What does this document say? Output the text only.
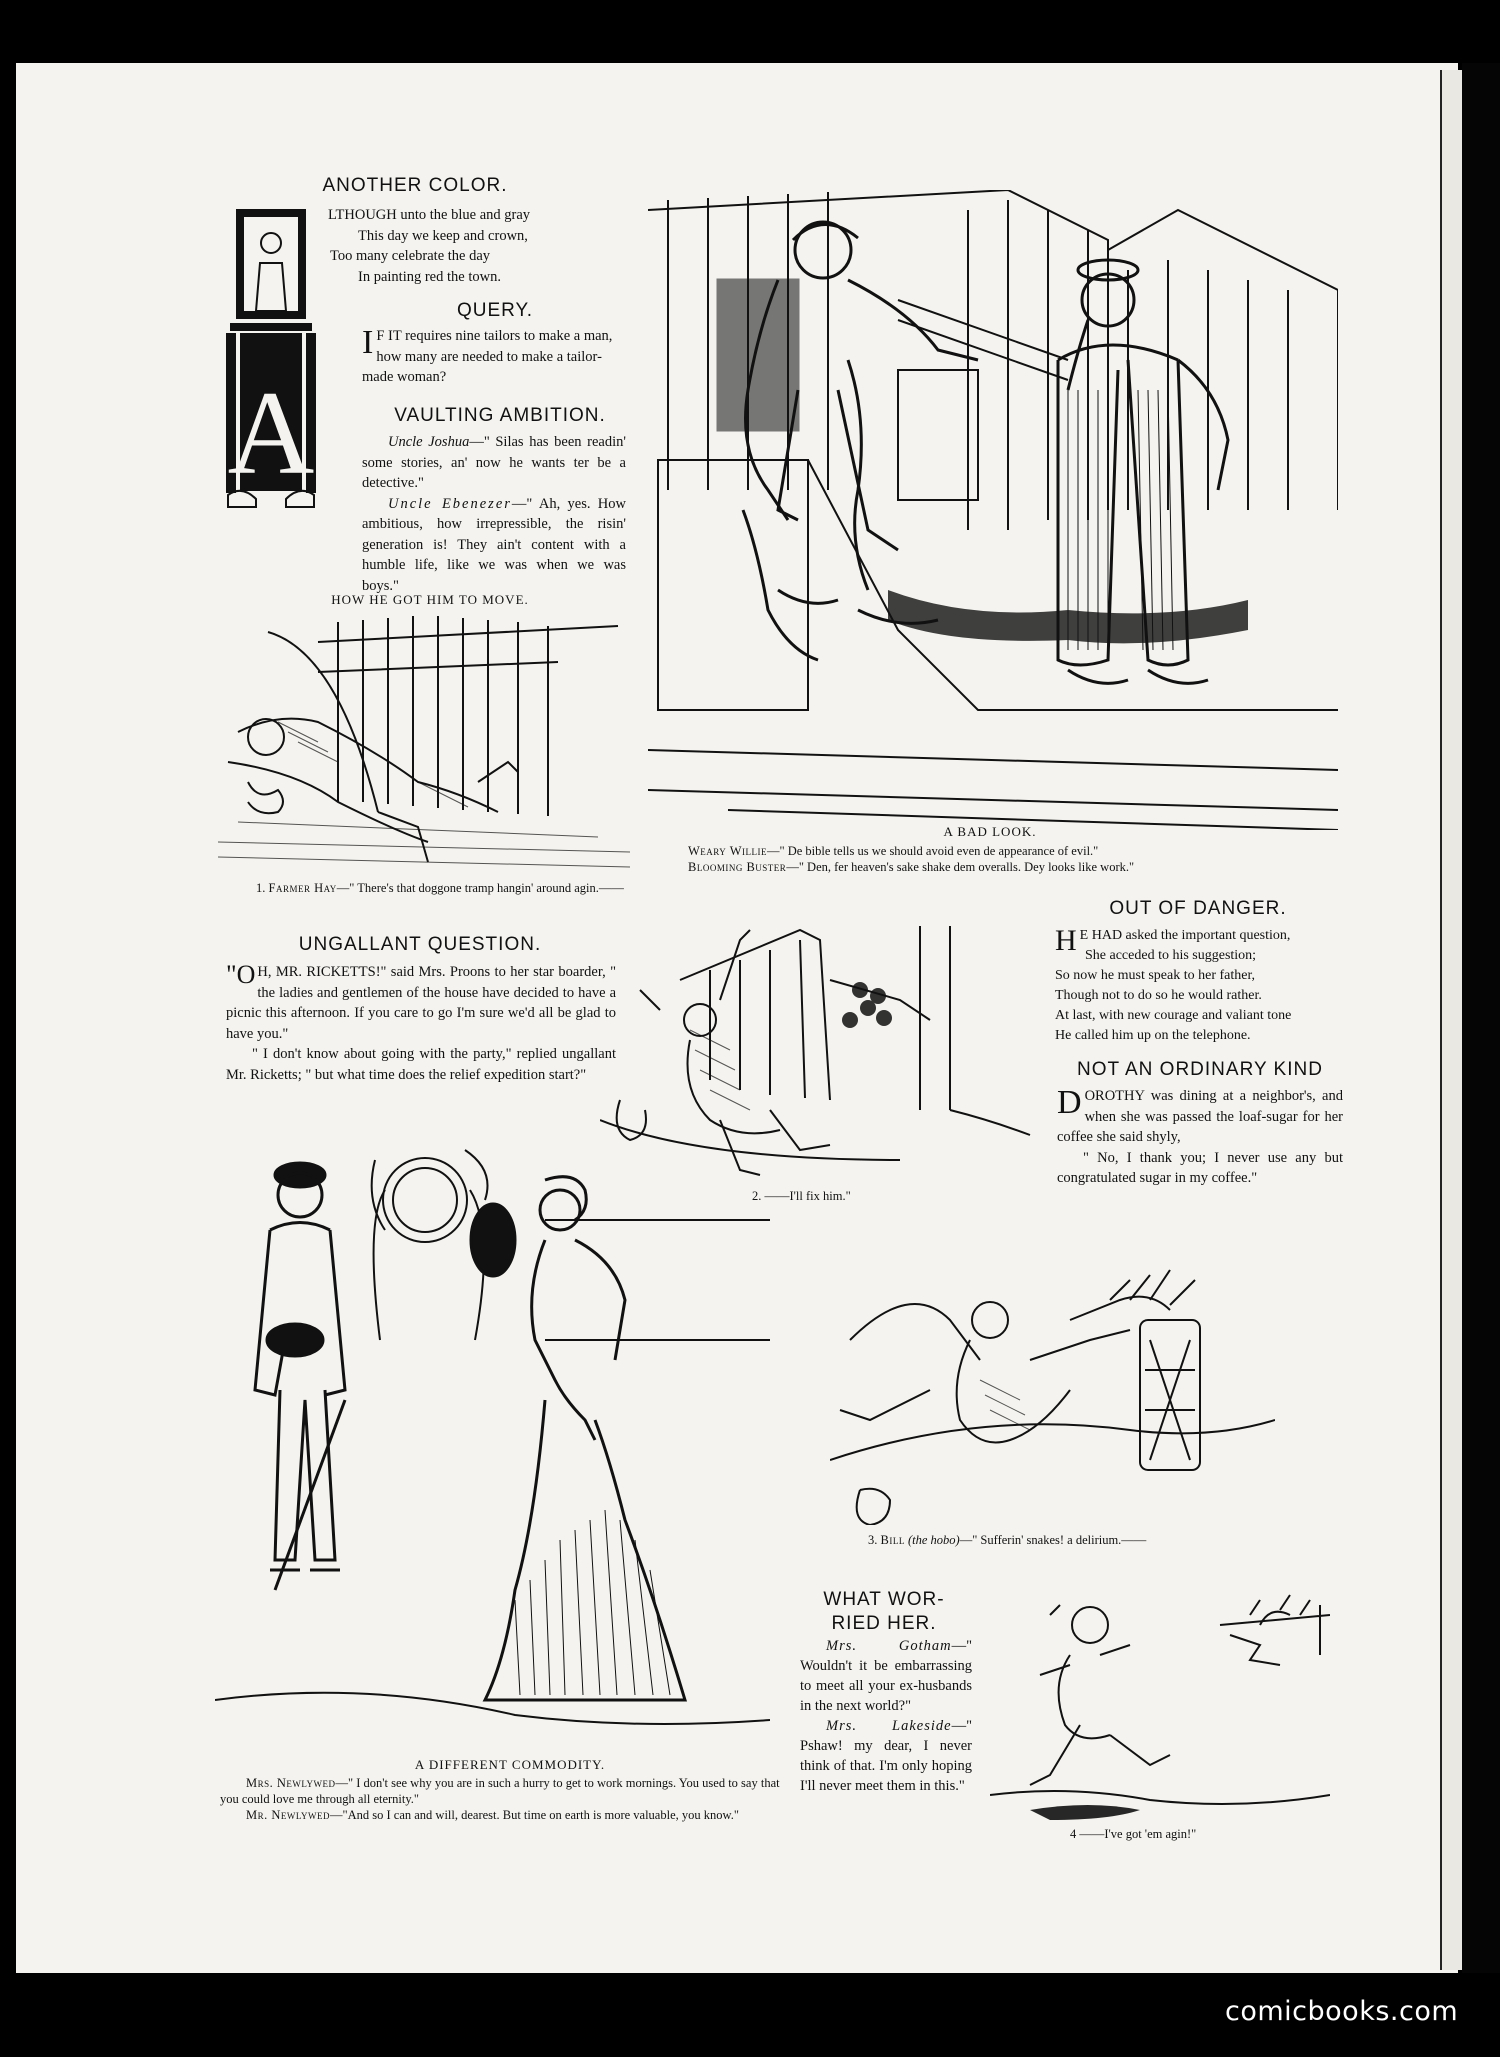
ANOTHER COLOR.
A

LTHOUGH unto the blue and gray

This day we keep and crown,

Too many celebrate the day

In painting red the town.

QUERY.
I F IT requires nine tailors to make a man, how many are needed to make a tailor-made woman?
VAULTING AMBITION.

Uncle Joshua—" Silas has been readin' some stories, an' now he wants ter be a detective."

Uncle Ebenezer—" Ah, yes. How ambitious, how irrepressible, the risin' generation is! They ain't content with a humble life, like we was when we was boys."

HOW HE GOT HIM TO MOVE.
1. Farmer Hay—" There's that doggone tramp hangin' around agin.——
A BAD LOOK.

Weary Willie—" De bible tells us we should avoid even de appearance of evil."

Blooming Buster—" Den, fer heaven's sake shake dem overalls. Dey looks like work."

UNGALLANT QUESTION.

"O H, MR. RICKETTS!" said Mrs. Proons to her star boarder, " the ladies and gentlemen of the house have decided to have a picnic this afternoon. If you care to go I'm sure we'd all be glad to have you."

" I don't know about going with the party," replied ungallant Mr. Ricketts; " but what time does the relief expedition start?"

2. ——I'll fix him."
OUT OF DANGER.

H E HAD asked the important question,

She acceded to his suggestion;

So now he must speak to her father,

Though not to do so he would rather.

At last, with new courage and valiant tone

He called him up on the telephone.

NOT AN ORDINARY KIND

DOROTHY was dining at a neighbor's, and when she was passed the loaf-sugar for her coffee she said shyly,

" No, I thank you; I never use any but congratulated sugar in my coffee."

A DIFFERENT COMMODITY.

Mrs. Newlywed—" I don't see why you are in such a hurry to get to work mornings. You used to say that you could love me through all eternity."

Mr. Newlywed—"And so I can and will, dearest. But time on earth is more valuable, you know."

3. Bill (the hobo)—" Sufferin' snakes! a delirium.——
WHAT WOR-RIED HER.

Mrs. Gotham—" Wouldn't it be embarrassing to meet all your ex-husbands in the next world?"

Mrs. Lakeside—" Pshaw! my dear, I never think of that. I'm only hoping I'll never meet them in this."

4 ——I've got 'em agin!"
comicbooks.com
